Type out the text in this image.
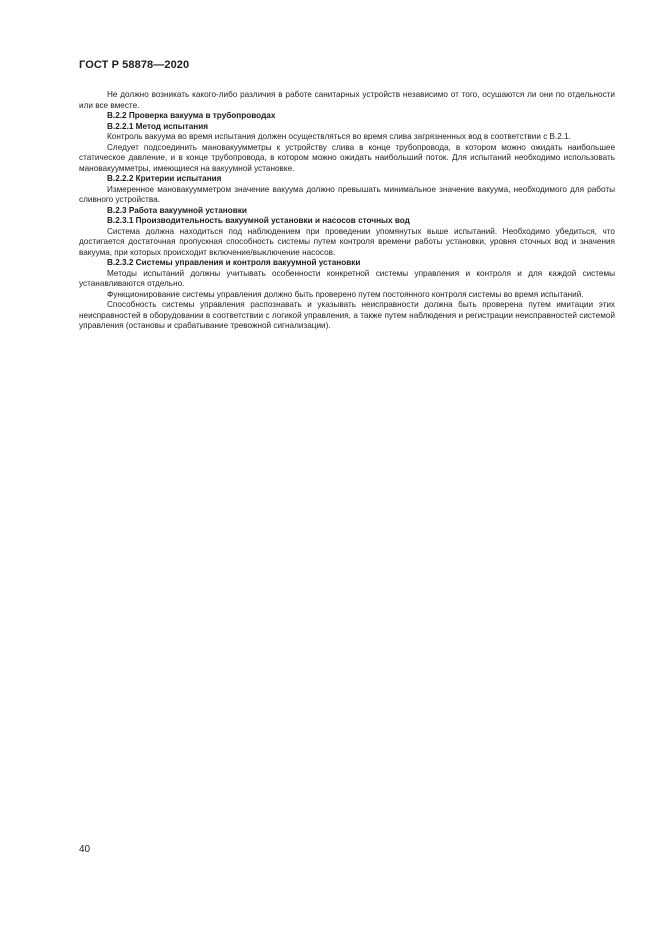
ГОСТ Р 58878—2020

Не должно возникать какого-либо различия в работе санитарных устройств независимо от того, осушаются ли они по отдельности или все вместе.

В.2.2 Проверка вакуума в трубопроводах

В.2.2.1 Метод испытания

Контроль вакуума во время испытания должен осуществляться во время слива загрязненных вод в соответствии с В.2.1.

Следует подсоединить мановакуумметры к устройству слива в конце трубопровода, в котором можно ожидать наибольшее статическое давление, и в конце трубопровода, в котором можно ожидать наибольший поток. Для испытаний необходимо использовать мановакуумметры, имеющиеся на вакуумной установке.

В.2.2.2 Критерии испытания

Измеренное мановакуумметром значение вакуума должно превышать минимальное значение вакуума, необходимого для работы сливного устройства.

В.2.3 Работа вакуумной установки

В.2.3.1 Производительность вакуумной установки и насосов сточных вод

Система должна находиться под наблюдением при проведении упомянутых выше испытаний. Необходимо убедиться, что достигается достаточная пропускная способность системы путем контроля времени работы установки, уровня сточных вод и значения вакуума, при которых происходит включение/выключение насосов.

В.2.3.2 Системы управления и контроля вакуумной установки

Методы испытаний должны учитывать особенности конкретной системы управления и контроля и для каждой системы устанавливаются отдельно.

Функционирование системы управления должно быть проверено путем постоянного контроля системы во время испытаний.

Способность системы управления распознавать и указывать неисправности должна быть проверена путем имитации этих неисправностей в оборудовании в соответствии с логикой управления, а также путем наблюдения и регистрации неисправностей системой управления (остановы и срабатывание тревожной сигнализации).

40
